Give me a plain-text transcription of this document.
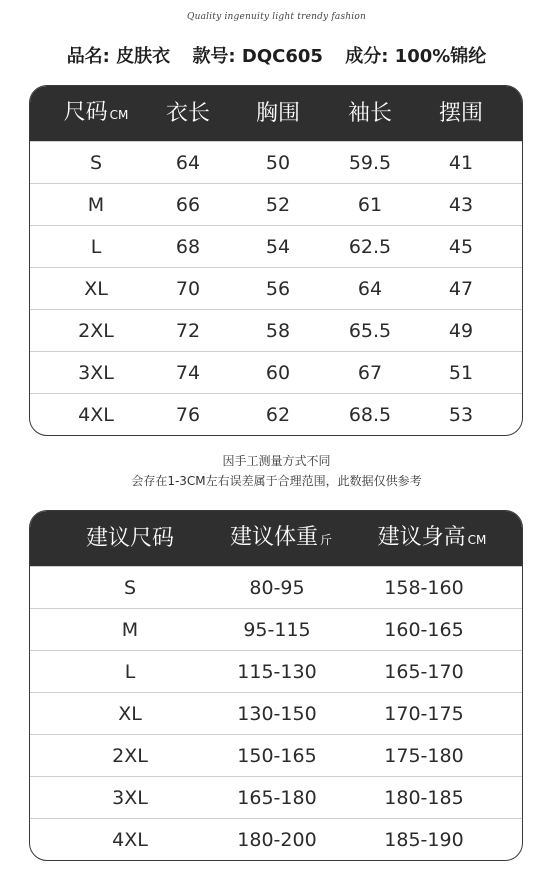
Quality ingenuity light trendy fashion
品名: 皮肤衣 款号: DQC605 成分: 100%锦纶
尺码 CM	衣长	胸围	袖长	摆围
S	64	50	59.5	41
M	66	52	61	43
L	68	54	62.5	45
XL	70	56	64	47
2XL	72	58	65.5	49
3XL	74	60	67	51
4XL	76	62	68.5	53
因手工测量方式不同
会存在1-3CM左右误差属于合理范围，此数据仅供参考
建议尺码	建议体重 斤	建议身高 CM
S	80-95	158-160
M	95-115	160-165
L	115-130	165-170
XL	130-150	170-175
2XL	150-165	175-180
3XL	165-180	180-185
4XL	180-200	185-190
